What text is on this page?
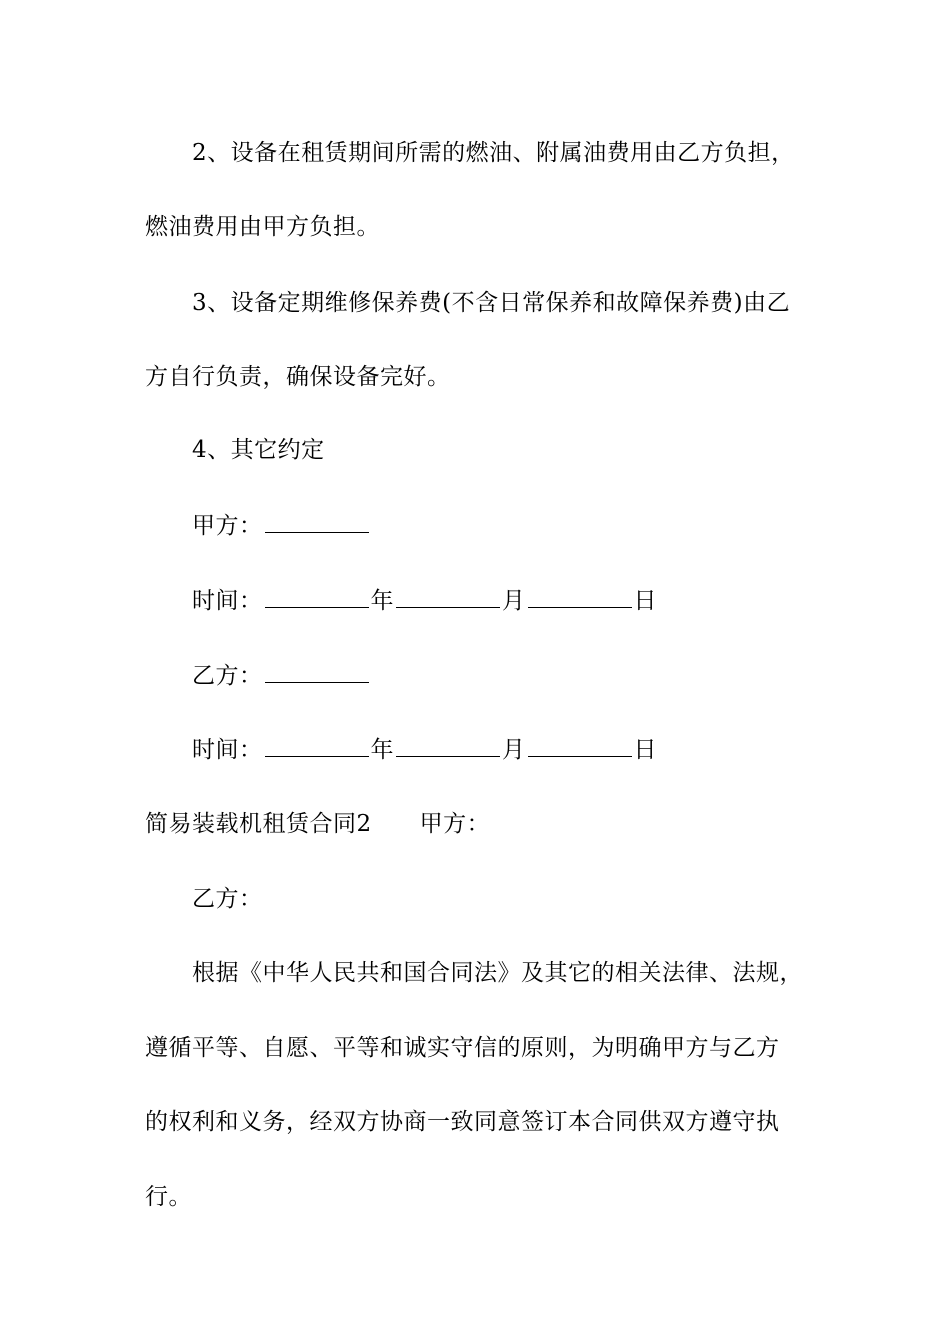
2、设备在租赁期间所需的燃油、附属油费用由乙方负担，
燃油费用由甲方负担。
3、设备定期维修保养费(不含日常保养和故障保养费)由乙
方自行负责，确保设备完好。
4、其它约定
甲方：
时间：	年	月	日
乙方：
时间：	年	月	日
简易装载机租赁合同2 甲方：
乙方：
根据《中华人民共和国合同法》及其它的相关法律、法规，
遵循平等、自愿、平等和诚实守信的原则，为明确甲方与乙方
的权利和义务，经双方协商一致同意签订本合同供双方遵守执
行。
